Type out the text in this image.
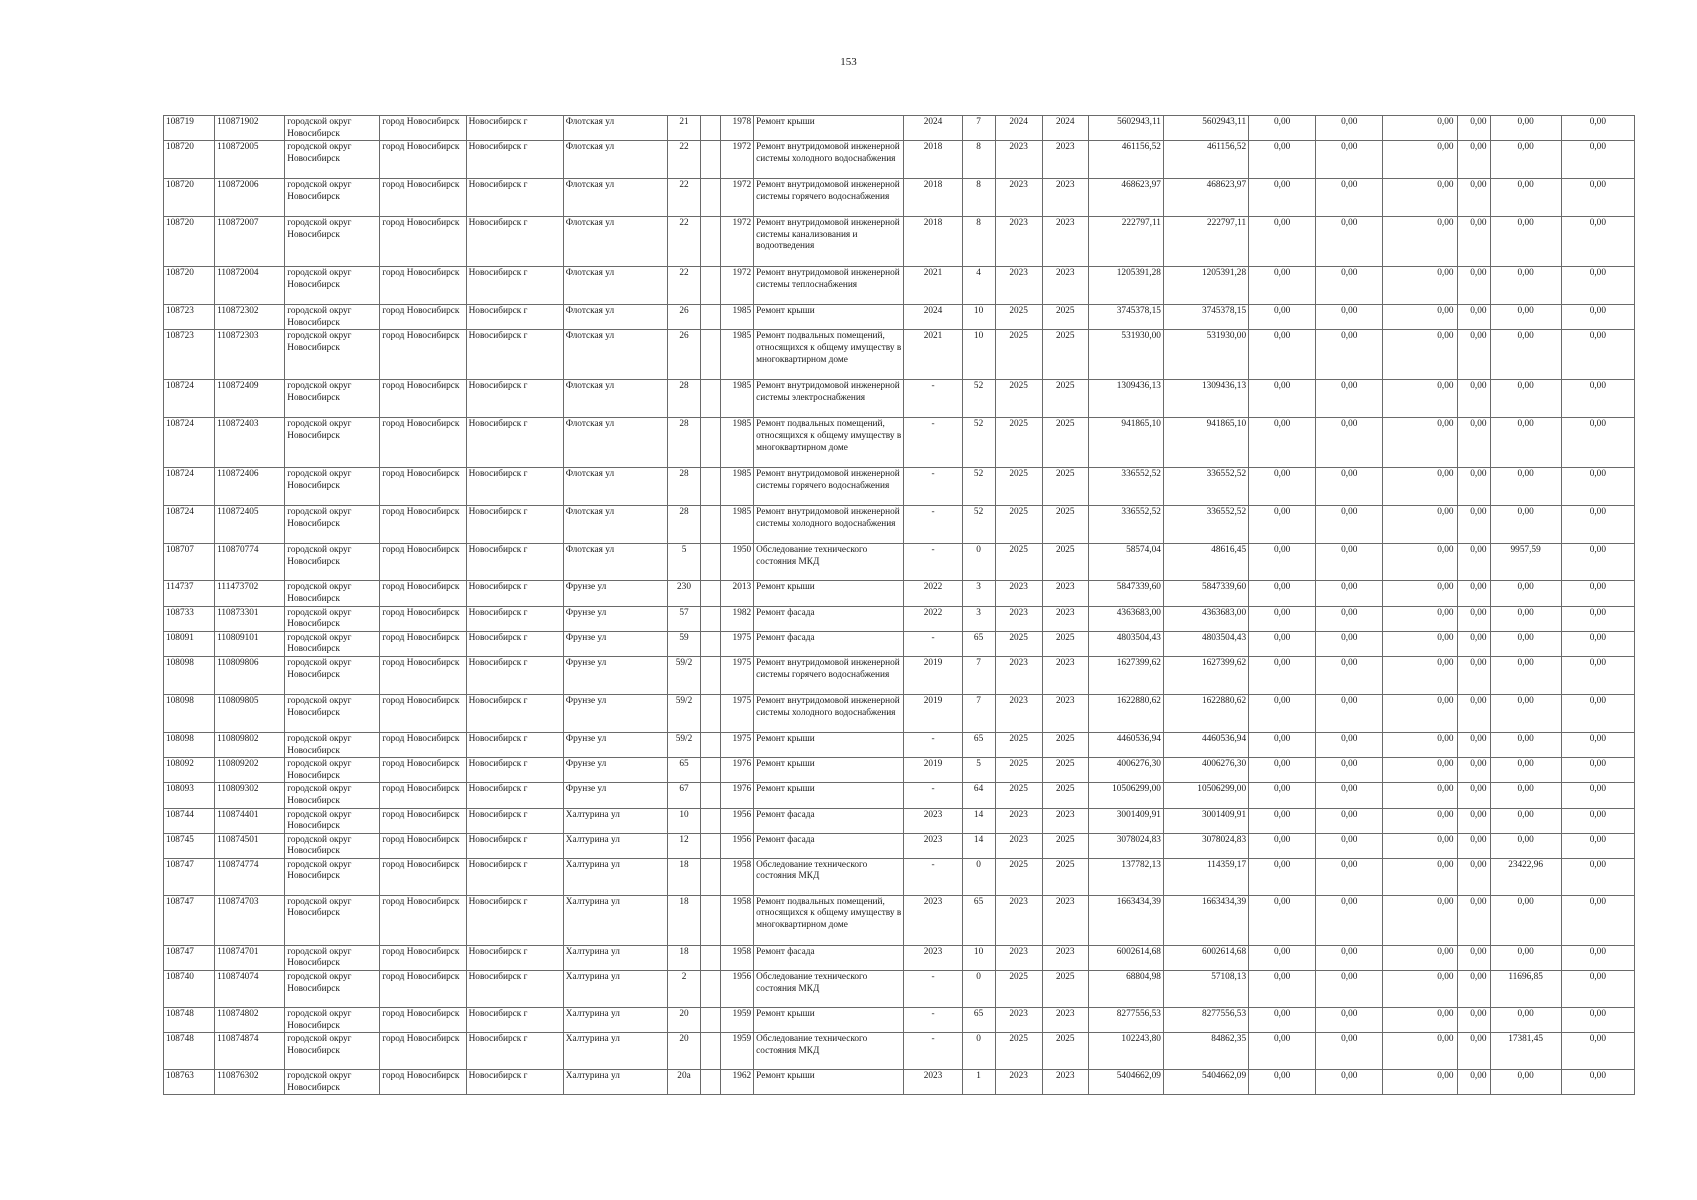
153
108719	110871902	городской округ Новосибирск	город Новосибирск	Новосибирск г	Флотская ул	21		1978	Ремонт крыши	2024	7	2024	2024	5602943,11	5602943,11	0,00	0,00	0,00	0,00	0,00	0,00
108720	110872005	городской округ Новосибирск	город Новосибирск	Новосибирск г	Флотская ул	22		1972	Ремонт внутридомовой инженерной системы холодного водоснабжения	2018	8	2023	2023	461156,52	461156,52	0,00	0,00	0,00	0,00	0,00	0,00
108720	110872006	городской округ Новосибирск	город Новосибирск	Новосибирск г	Флотская ул	22		1972	Ремонт внутридомовой инженерной системы горячего водоснабжения	2018	8	2023	2023	468623,97	468623,97	0,00	0,00	0,00	0,00	0,00	0,00
108720	110872007	городской округ Новосибирск	город Новосибирск	Новосибирск г	Флотская ул	22		1972	Ремонт внутридомовой инженерной системы канализования и водоотведения	2018	8	2023	2023	222797,11	222797,11	0,00	0,00	0,00	0,00	0,00	0,00
108720	110872004	городской округ Новосибирск	город Новосибирск	Новосибирск г	Флотская ул	22		1972	Ремонт внутридомовой инженерной системы теплоснабжения	2021	4	2023	2023	1205391,28	1205391,28	0,00	0,00	0,00	0,00	0,00	0,00
108723	110872302	городской округ Новосибирск	город Новосибирск	Новосибирск г	Флотская ул	26		1985	Ремонт крыши	2024	10	2025	2025	3745378,15	3745378,15	0,00	0,00	0,00	0,00	0,00	0,00
108723	110872303	городской округ Новосибирск	город Новосибирск	Новосибирск г	Флотская ул	26		1985	Ремонт подвальных помещений, относящихся к общему имуществу в многоквартирном доме	2021	10	2025	2025	531930,00	531930,00	0,00	0,00	0,00	0,00	0,00	0,00
108724	110872409	городской округ Новосибирск	город Новосибирск	Новосибирск г	Флотская ул	28		1985	Ремонт внутридомовой инженерной системы электроснабжения	-	52	2025	2025	1309436,13	1309436,13	0,00	0,00	0,00	0,00	0,00	0,00
108724	110872403	городской округ Новосибирск	город Новосибирск	Новосибирск г	Флотская ул	28		1985	Ремонт подвальных помещений, относящихся к общему имуществу в многоквартирном доме	-	52	2025	2025	941865,10	941865,10	0,00	0,00	0,00	0,00	0,00	0,00
108724	110872406	городской округ Новосибирск	город Новосибирск	Новосибирск г	Флотская ул	28		1985	Ремонт внутридомовой инженерной системы горячего водоснабжения	-	52	2025	2025	336552,52	336552,52	0,00	0,00	0,00	0,00	0,00	0,00
108724	110872405	городской округ Новосибирск	город Новосибирск	Новосибирск г	Флотская ул	28		1985	Ремонт внутридомовой инженерной системы холодного водоснабжения	-	52	2025	2025	336552,52	336552,52	0,00	0,00	0,00	0,00	0,00	0,00
108707	110870774	городской округ Новосибирск	город Новосибирск	Новосибирск г	Флотская ул	5		1950	Обследование технического состояния МКД	-	0	2025	2025	58574,04	48616,45	0,00	0,00	0,00	0,00	9957,59	0,00
114737	111473702	городской округ Новосибирск	город Новосибирск	Новосибирск г	Фрунзе ул	230		2013	Ремонт крыши	2022	3	2023	2023	5847339,60	5847339,60	0,00	0,00	0,00	0,00	0,00	0,00
108733	110873301	городской округ Новосибирск	город Новосибирск	Новосибирск г	Фрунзе ул	57		1982	Ремонт фасада	2022	3	2023	2023	4363683,00	4363683,00	0,00	0,00	0,00	0,00	0,00	0,00
108091	110809101	городской округ Новосибирск	город Новосибирск	Новосибирск г	Фрунзе ул	59		1975	Ремонт фасада	-	65	2025	2025	4803504,43	4803504,43	0,00	0,00	0,00	0,00	0,00	0,00
108098	110809806	городской округ Новосибирск	город Новосибирск	Новосибирск г	Фрунзе ул	59/2		1975	Ремонт внутридомовой инженерной системы горячего водоснабжения	2019	7	2023	2023	1627399,62	1627399,62	0,00	0,00	0,00	0,00	0,00	0,00
108098	110809805	городской округ Новосибирск	город Новосибирск	Новосибирск г	Фрунзе ул	59/2		1975	Ремонт внутридомовой инженерной системы холодного водоснабжения	2019	7	2023	2023	1622880,62	1622880,62	0,00	0,00	0,00	0,00	0,00	0,00
108098	110809802	городской округ Новосибирск	город Новосибирск	Новосибирск г	Фрунзе ул	59/2		1975	Ремонт крыши	-	65	2025	2025	4460536,94	4460536,94	0,00	0,00	0,00	0,00	0,00	0,00
108092	110809202	городской округ Новосибирск	город Новосибирск	Новосибирск г	Фрунзе ул	65		1976	Ремонт крыши	2019	5	2025	2025	4006276,30	4006276,30	0,00	0,00	0,00	0,00	0,00	0,00
108093	110809302	городской округ Новосибирск	город Новосибирск	Новосибирск г	Фрунзе ул	67		1976	Ремонт крыши	-	64	2025	2025	10506299,00	10506299,00	0,00	0,00	0,00	0,00	0,00	0,00
108744	110874401	городской округ Новосибирск	город Новосибирск	Новосибирск г	Халтурина ул	10		1956	Ремонт фасада	2023	14	2023	2023	3001409,91	3001409,91	0,00	0,00	0,00	0,00	0,00	0,00
108745	110874501	городской округ Новосибирск	город Новосибирск	Новосибирск г	Халтурина ул	12		1956	Ремонт фасада	2023	14	2023	2025	3078024,83	3078024,83	0,00	0,00	0,00	0,00	0,00	0,00
108747	110874774	городской округ Новосибирск	город Новосибирск	Новосибирск г	Халтурина ул	18		1958	Обследование технического состояния МКД	-	0	2025	2025	137782,13	114359,17	0,00	0,00	0,00	0,00	23422,96	0,00
108747	110874703	городской округ Новосибирск	город Новосибирск	Новосибирск г	Халтурина ул	18		1958	Ремонт подвальных помещений, относящихся к общему имуществу в многоквартирном доме	2023	65	2023	2023	1663434,39	1663434,39	0,00	0,00	0,00	0,00	0,00	0,00
108747	110874701	городской округ Новосибирск	город Новосибирск	Новосибирск г	Халтурина ул	18		1958	Ремонт фасада	2023	10	2023	2023	6002614,68	6002614,68	0,00	0,00	0,00	0,00	0,00	0,00
108740	110874074	городской округ Новосибирск	город Новосибирск	Новосибирск г	Халтурина ул	2		1956	Обследование технического состояния МКД	-	0	2025	2025	68804,98	57108,13	0,00	0,00	0,00	0,00	11696,85	0,00
108748	110874802	городской округ Новосибирск	город Новосибирск	Новосибирск г	Халтурина ул	20		1959	Ремонт крыши	-	65	2023	2023	8277556,53	8277556,53	0,00	0,00	0,00	0,00	0,00	0,00
108748	110874874	городской округ Новосибирск	город Новосибирск	Новосибирск г	Халтурина ул	20		1959	Обследование технического состояния МКД	-	0	2025	2025	102243,80	84862,35	0,00	0,00	0,00	0,00	17381,45	0,00
108763	110876302	городской округ Новосибирск	город Новосибирск	Новосибирск г	Халтурина ул	20а		1962	Ремонт крыши	2023	1	2023	2023	5404662,09	5404662,09	0,00	0,00	0,00	0,00	0,00	0,00
